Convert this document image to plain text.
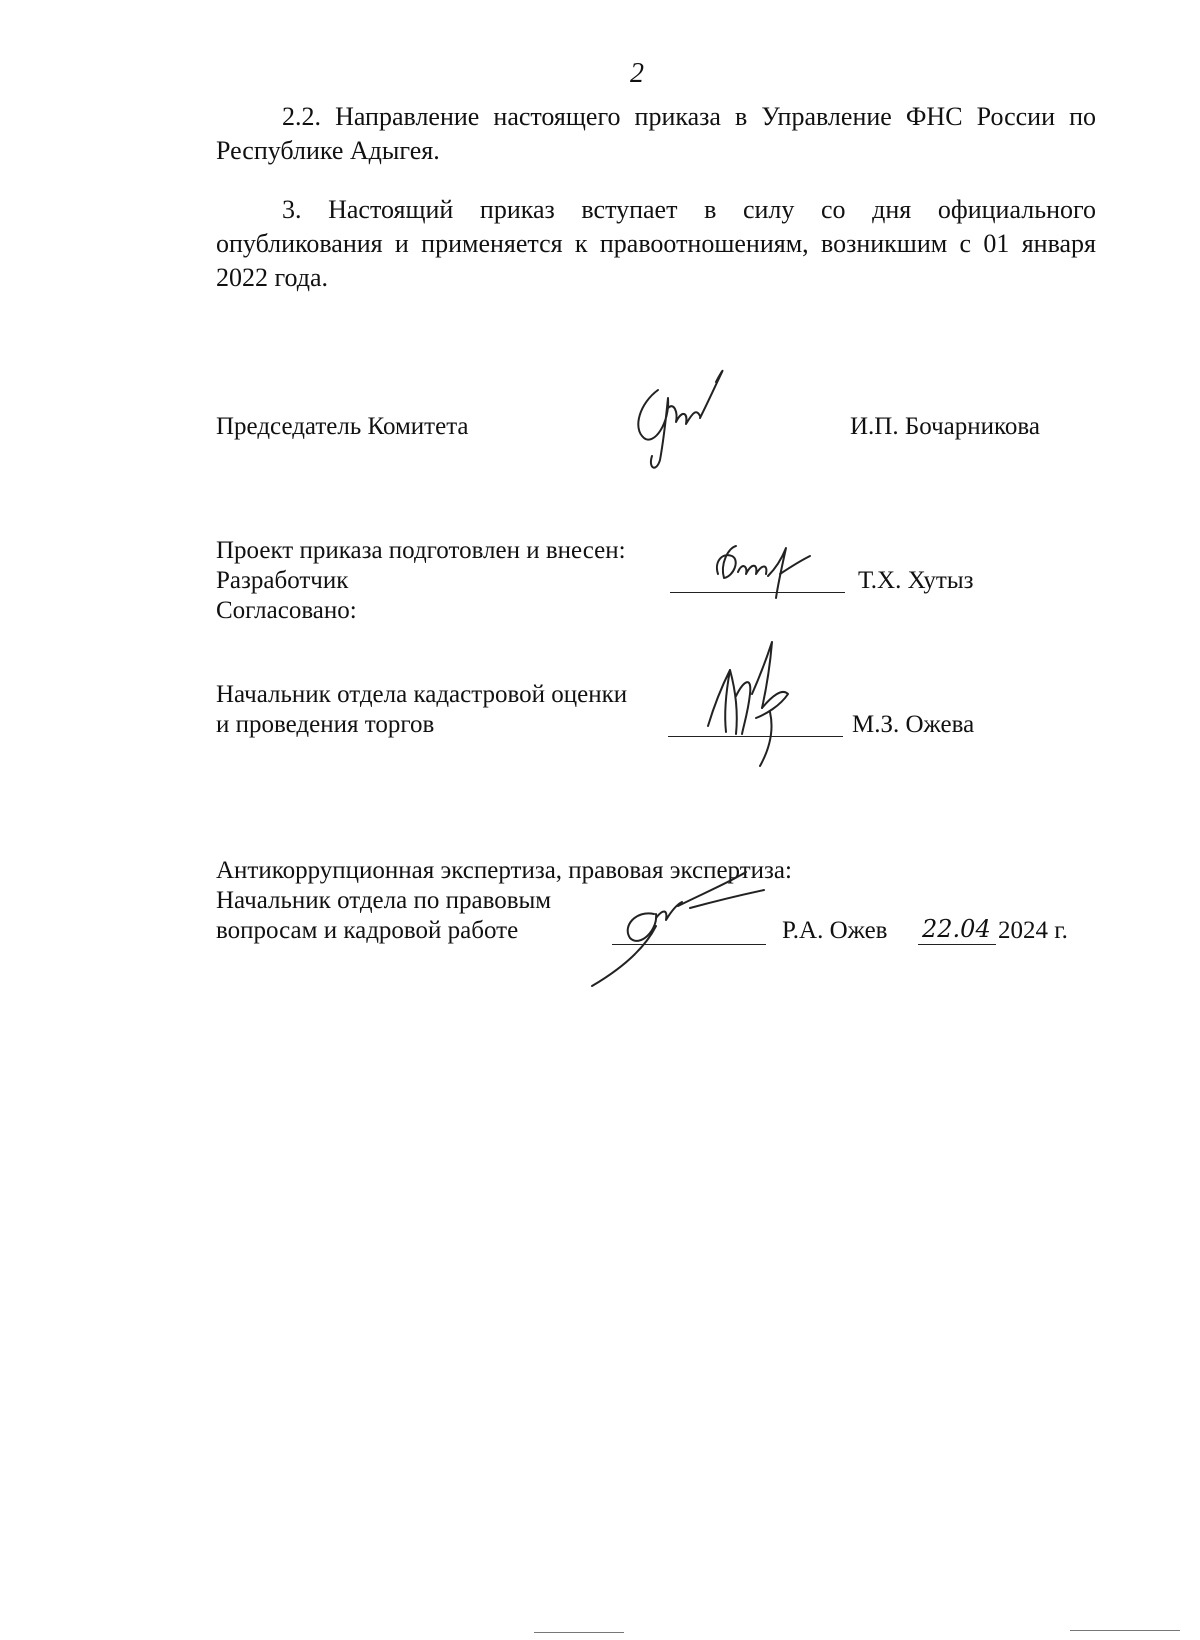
2

2.2. Направление настоящего приказа в Управление ФНС России по Республике Адыгея.

3. Настоящий приказ вступает в силу со дня официального опубликования и применяется к правоотношениям, возникшим с 01 января 2022 года.

Председатель Комитета	И.П. Бочарникова
Проект приказа подготовлен и внесен:
Разработчик	Т.Х. Хутыз
Согласовано:
Начальник отдела кадастровой оценки
и проведения торгов	М.З. Ожева
Антикоррупционная экспертиза, правовая экспертиза:
Начальник отдела по правовым
вопросам и кадровой работе	Р.А. Ожев 22.04 2024 г.
